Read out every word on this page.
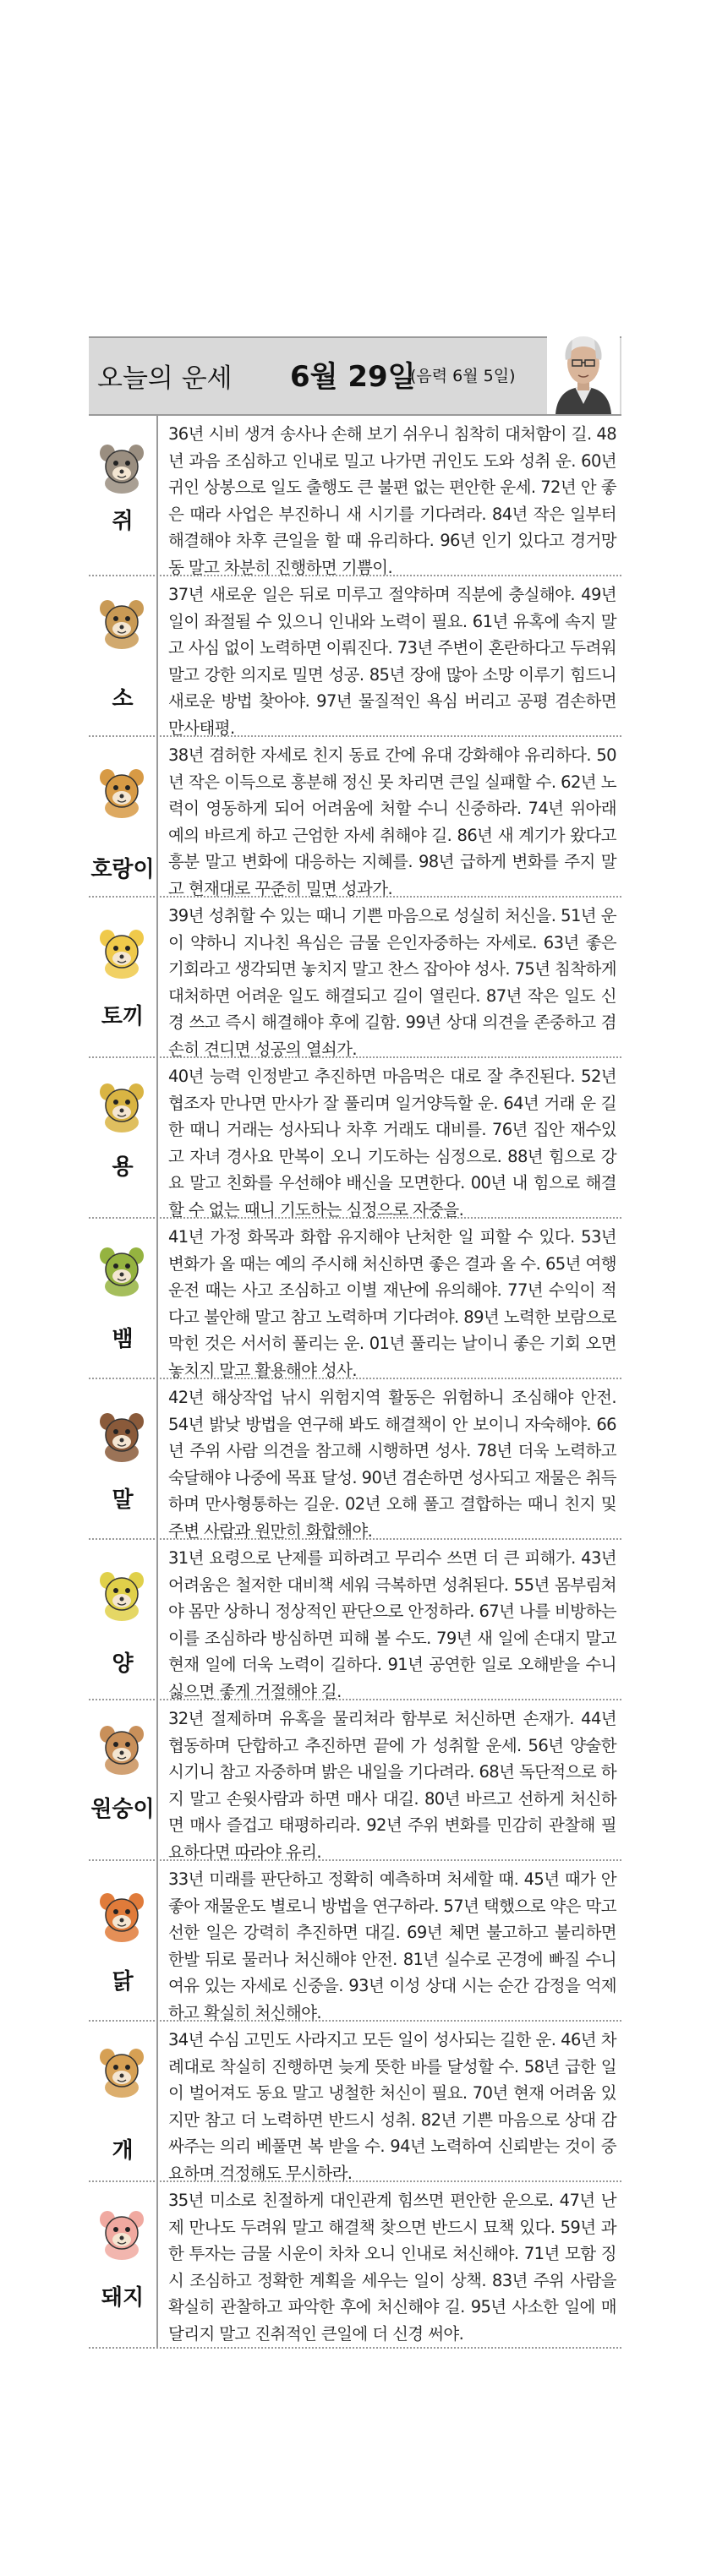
오늘의 운세 6월 29일
(음력 6월 5일)
쥐
36년 시비 생겨 송사나 손해 보기 쉬우니 침착히 대처함이 길. 48년 과음 조심하고 인내로 밀고 나가면 귀인도 도와 성취 운. 60년 귀인 상봉으로 일도 출행도 큰 불편 없는 편안한 운세. 72년 안 좋은 때라 사업은 부진하니 새 시기를 기다려라. 84년 작은 일부터 해결해야 차후 큰일을 할 때 유리하다. 96년 인기 있다고 경거망동 말고 차분히 진행하면 기쁨이.
소
37년 새로운 일은 뒤로 미루고 절약하며 직분에 충실해야. 49년 일이 좌절될 수 있으니 인내와 노력이 필요. 61년 유혹에 속지 말고 사심 없이 노력하면 이뤄진다. 73년 주변이 혼란하다고 두려워 말고 강한 의지로 밀면 성공. 85년 장애 많아 소망 이루기 힘드니 새로운 방법 찾아야. 97년 물질적인 욕심 버리고 공평 겸손하면 만사태평.
호랑이
38년 겸허한 자세로 친지 동료 간에 유대 강화해야 유리하다. 50년 작은 이득으로 흥분해 정신 못 차리면 큰일 실패할 수. 62년 노력이 영동하게 되어 어려움에 처할 수니 신중하라. 74년 위아래 예의 바르게 하고 근엄한 자세 취해야 길. 86년 새 계기가 왔다고 흥분 말고 변화에 대응하는 지혜를. 98년 급하게 변화를 주지 말고 현재대로 꾸준히 밀면 성과가.
토끼
39년 성취할 수 있는 때니 기쁜 마음으로 성실히 처신을. 51년 운이 약하니 지나친 욕심은 금물 은인자중하는 자세로. 63년 좋은 기회라고 생각되면 놓치지 말고 찬스 잡아야 성사. 75년 침착하게 대처하면 어려운 일도 해결되고 길이 열린다. 87년 작은 일도 신경 쓰고 즉시 해결해야 후에 길함. 99년 상대 의견을 존중하고 겸손히 견디면 성공의 열쇠가.
용
40년 능력 인정받고 추진하면 마음먹은 대로 잘 추진된다. 52년 협조자 만나면 만사가 잘 풀리며 일거양득할 운. 64년 거래 운 길한 때니 거래는 성사되나 차후 거래도 대비를. 76년 집안 재수있고 자녀 경사요 만복이 오니 기도하는 심정으로. 88년 힘으로 강요 말고 친화를 우선해야 배신을 모면한다. 00년 내 힘으로 해결할 수 없는 때니 기도하는 심정으로 자중을.
뱀
41년 가정 화목과 화합 유지해야 난처한 일 피할 수 있다. 53년 변화가 올 때는 예의 주시해 처신하면 좋은 결과 올 수. 65년 여행 운전 때는 사고 조심하고 이별 재난에 유의해야. 77년 수익이 적다고 불안해 말고 참고 노력하며 기다려야. 89년 노력한 보람으로 막힌 것은 서서히 풀리는 운. 01년 풀리는 날이니 좋은 기회 오면 놓치지 말고 활용해야 성사.
말
42년 해상작업 낚시 위험지역 활동은 위험하니 조심해야 안전. 54년 밝낮 방법을 연구해 봐도 해결책이 안 보이니 자숙해야. 66년 주위 사람 의견을 참고해 시행하면 성사. 78년 더욱 노력하고 숙달해야 나중에 목표 달성. 90년 겸손하면 성사되고 재물은 취득하며 만사형통하는 길운. 02년 오해 풀고 결합하는 때니 친지 및 주변 사람과 원만히 화합해야.
양
31년 요령으로 난제를 피하려고 무리수 쓰면 더 큰 피해가. 43년 어려움은 철저한 대비책 세워 극복하면 성취된다. 55년 몸부림쳐야 몸만 상하니 정상적인 판단으로 안정하라. 67년 나를 비방하는 이를 조심하라 방심하면 피해 볼 수도. 79년 새 일에 손대지 말고 현재 일에 더욱 노력이 길하다. 91년 공연한 일로 오해받을 수니 싫으면 좋게 거절해야 길.
원숭이
32년 절제하며 유혹을 물리쳐라 함부로 처신하면 손재가. 44년 협동하며 단합하고 추진하면 끝에 가 성취할 운세. 56년 양술한 시기니 참고 자중하며 밝은 내일을 기다려라. 68년 독단적으로 하지 말고 손윗사람과 하면 매사 대길. 80년 바르고 선하게 처신하면 매사 즐겁고 태평하리라. 92년 주위 변화를 민감히 관찰해 필요하다면 따라야 유리.
닭
33년 미래를 판단하고 정확히 예측하며 처세할 때. 45년 때가 안 좋아 재물운도 별로니 방법을 연구하라. 57년 택했으로 약은 막고 선한 일은 강력히 추진하면 대길. 69년 체면 불고하고 불리하면 한발 뒤로 물러나 처신해야 안전. 81년 실수로 곤경에 빠질 수니 여유 있는 자세로 신중을. 93년 이성 상대 시는 순간 감정을 억제하고 확실히 처신해야.
개
34년 수심 고민도 사라지고 모든 일이 성사되는 길한 운. 46년 차례대로 착실히 진행하면 늦게 뜻한 바를 달성할 수. 58년 급한 일이 벌어져도 동요 말고 냉철한 처신이 필요. 70년 현재 어려움 있지만 참고 더 노력하면 반드시 성취. 82년 기쁜 마음으로 상대 감싸주는 의리 베풀면 복 받을 수. 94년 노력하여 신뢰받는 것이 중요하며 걱정해도 무시하라.
돼지
35년 미소로 친절하게 대인관계 힘쓰면 편안한 운으로. 47년 난제 만나도 두려워 말고 해결책 찾으면 반드시 묘책 있다. 59년 과한 투자는 금물 시운이 차차 오니 인내로 처신해야. 71년 모함 징시 조심하고 정확한 계획을 세우는 일이 상책. 83년 주위 사람을 확실히 관찰하고 파악한 후에 처신해야 길. 95년 사소한 일에 매달리지 말고 진취적인 큰일에 더 신경 써야.
